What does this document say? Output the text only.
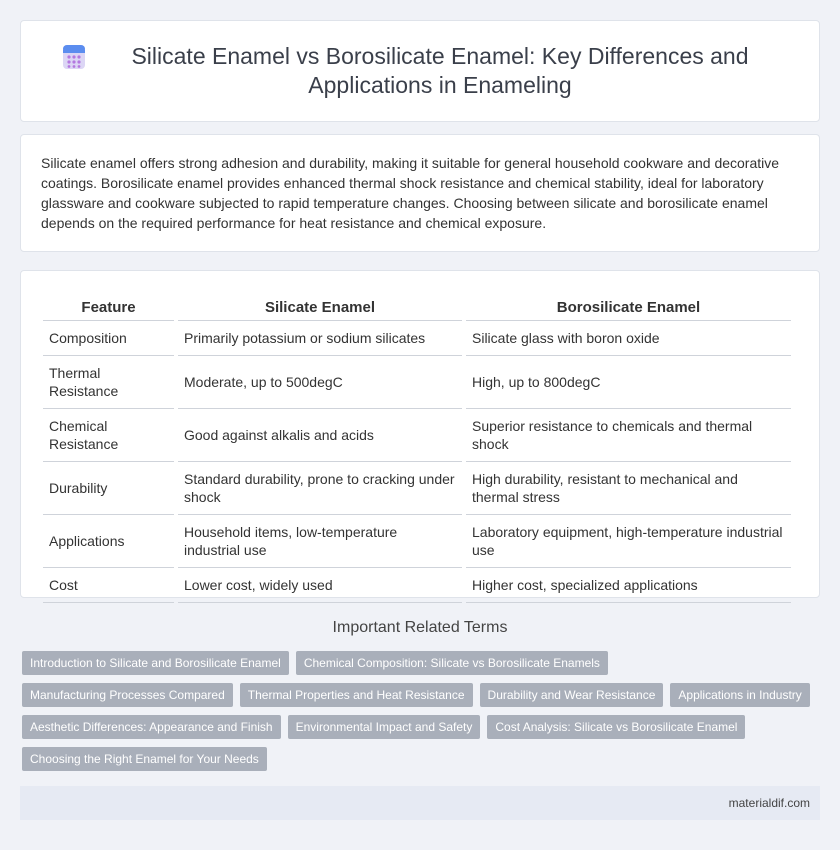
Silicate Enamel vs Borosilicate Enamel: Key Differences and Applications in Enameling

Silicate enamel offers strong adhesion and durability, making it suitable for general household cookware and decorative coatings. Borosilicate enamel provides enhanced thermal shock resistance and chemical stability, ideal for laboratory glassware and cookware subjected to rapid temperature changes. Choosing between silicate and borosilicate enamel depends on the required performance for heat resistance and chemical exposure.

Feature	Silicate Enamel	Borosilicate Enamel
Composition	Primarily potassium or sodium silicates	Silicate glass with boron oxide
Thermal Resistance	Moderate, up to 500degC	High, up to 800degC
Chemical Resistance	Good against alkalis and acids	Superior resistance to chemicals and thermal shock
Durability	Standard durability, prone to cracking under shock	High durability, resistant to mechanical and thermal stress
Applications	Household items, low-temperature industrial use	Laboratory equipment, high-temperature industrial use
Cost	Lower cost, widely used	Higher cost, specialized applications
Important Related Terms
Introduction to Silicate and Borosilicate Enamel	Chemical Composition: Silicate vs Borosilicate Enamels
Manufacturing Processes Compared	Thermal Properties and Heat Resistance	Durability and Wear Resistance	Applications in Industry
Aesthetic Differences: Appearance and Finish	Environmental Impact and Safety	Cost Analysis: Silicate vs Borosilicate Enamel
Choosing the Right Enamel for Your Needs
materialdif.com
